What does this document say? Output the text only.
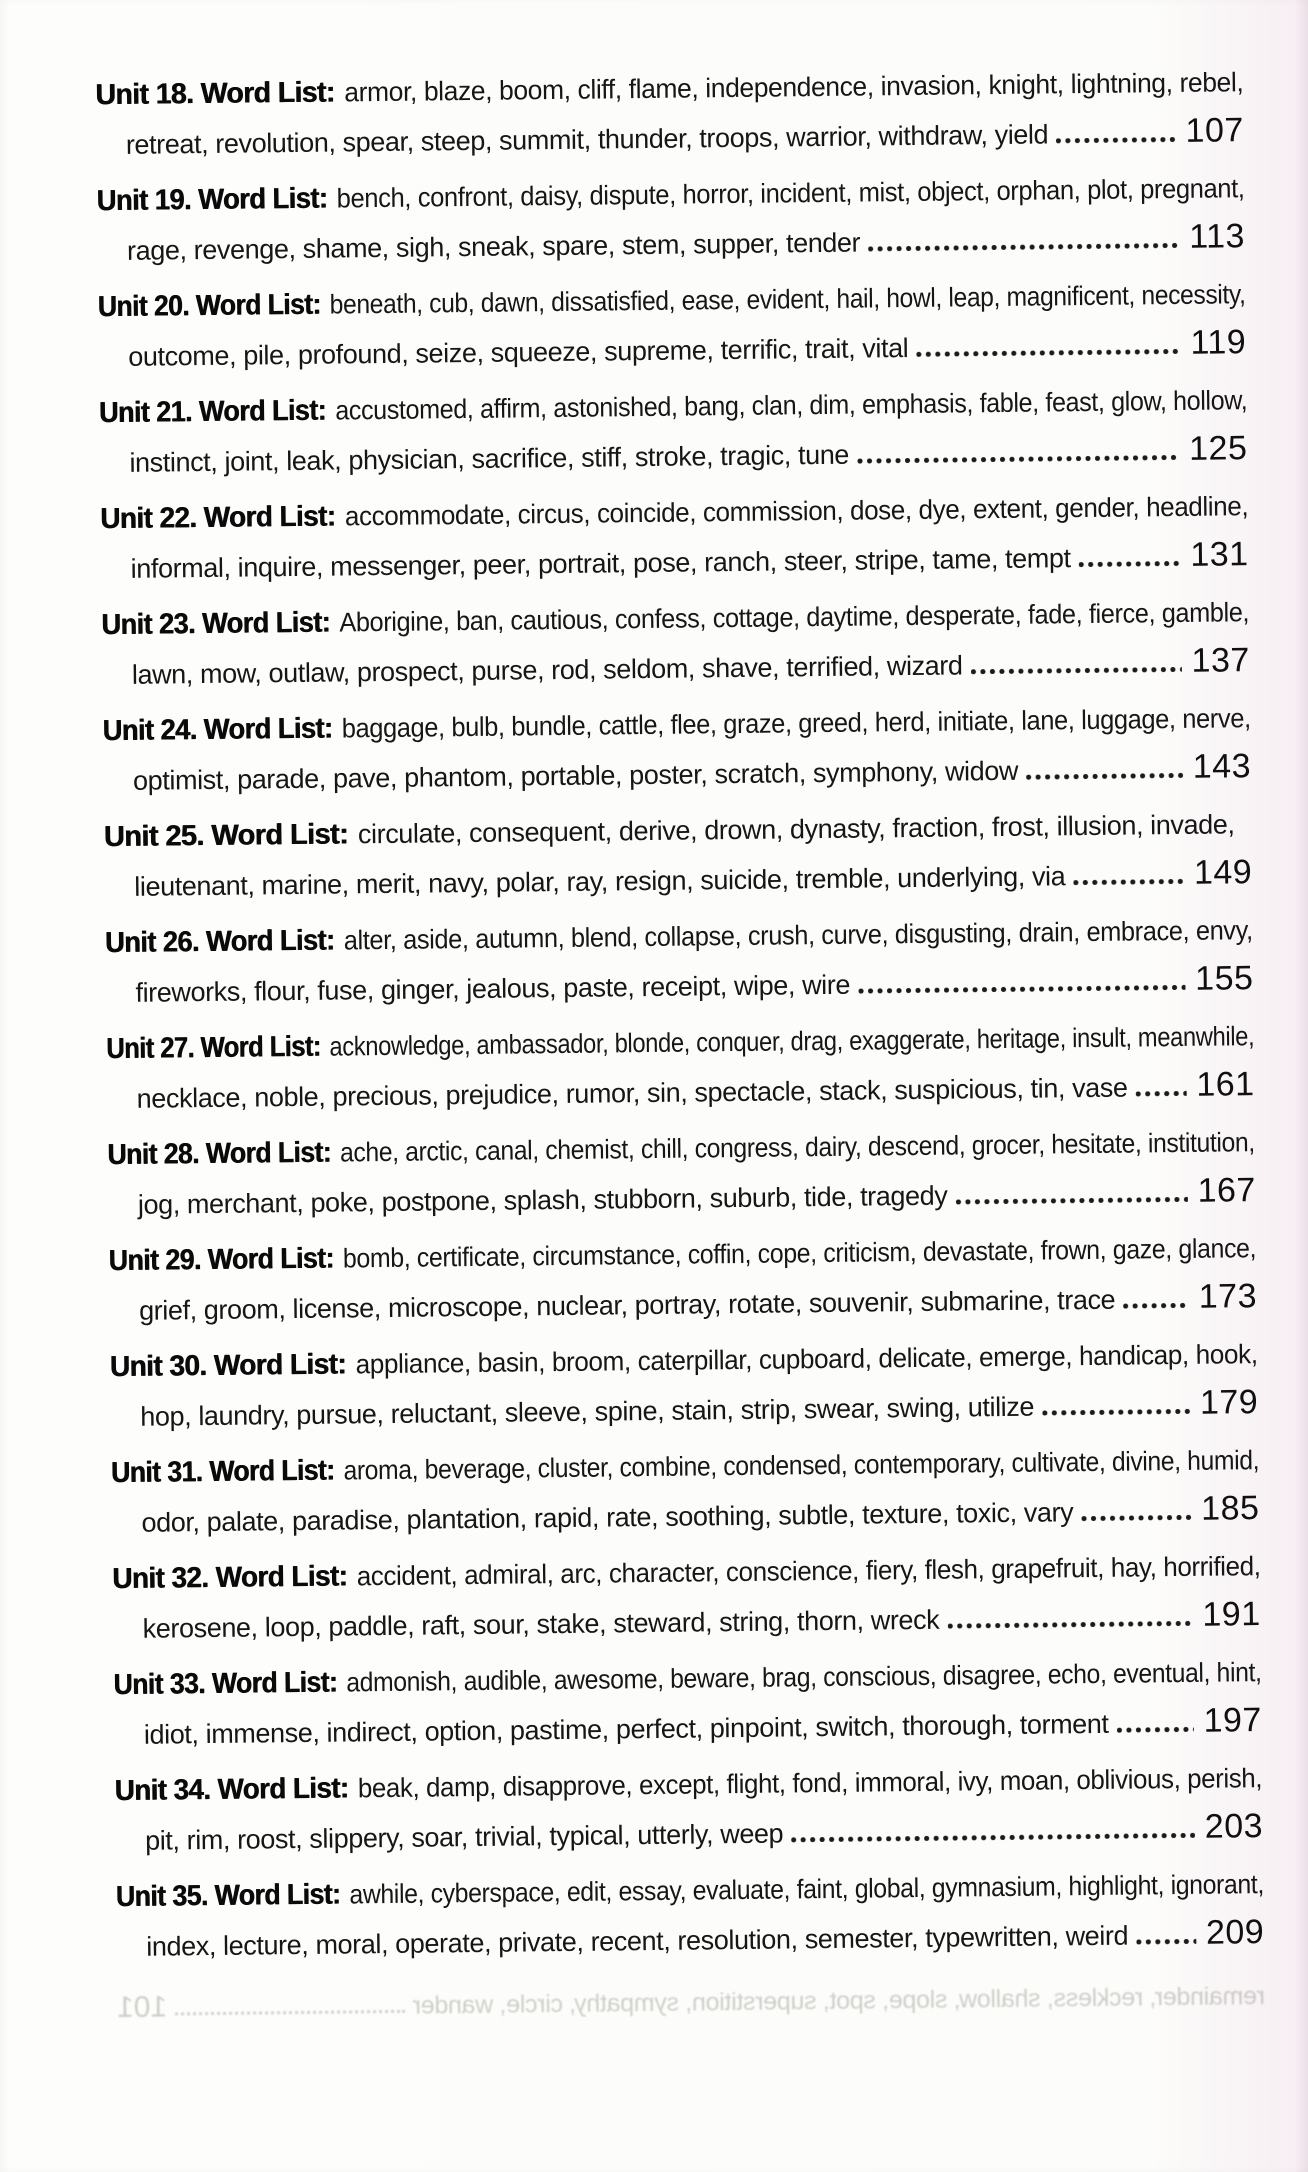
Unit 18. Word List: armor, blaze, boom, cliff, flame, independence, invasion, knight, lightning, rebel,
retreat, revolution, spear, steep, summit, thunder, troops, warrior, withdraw, yield	107
Unit 19. Word List: bench, confront, daisy, dispute, horror, incident, mist, object, orphan, plot, pregnant,
rage, revenge, shame, sigh, sneak, spare, stem, supper, tender	113
Unit 20. Word List: beneath, cub, dawn, dissatisfied, ease, evident, hail, howl, leap, magnificent, necessity,
outcome, pile, profound, seize, squeeze, supreme, terrific, trait, vital	119
Unit 21. Word List: accustomed, affirm, astonished, bang, clan, dim, emphasis, fable, feast, glow, hollow,
instinct, joint, leak, physician, sacrifice, stiff, stroke, tragic, tune	125
Unit 22. Word List: accommodate, circus, coincide, commission, dose, dye, extent, gender, headline,
informal, inquire, messenger, peer, portrait, pose, ranch, steer, stripe, tame, tempt	131
Unit 23. Word List: Aborigine, ban, cautious, confess, cottage, daytime, desperate, fade, fierce, gamble,
lawn, mow, outlaw, prospect, purse, rod, seldom, shave, terrified, wizard	137
Unit 24. Word List: baggage, bulb, bundle, cattle, flee, graze, greed, herd, initiate, lane, luggage, nerve,
optimist, parade, pave, phantom, portable, poster, scratch, symphony, widow	143
Unit 25. Word List: circulate, consequent, derive, drown, dynasty, fraction, frost, illusion, invade,
lieutenant, marine, merit, navy, polar, ray, resign, suicide, tremble, underlying, via	149
Unit 26. Word List: alter, aside, autumn, blend, collapse, crush, curve, disgusting, drain, embrace, envy,
fireworks, flour, fuse, ginger, jealous, paste, receipt, wipe, wire	155
Unit 27. Word List: acknowledge, ambassador, blonde, conquer, drag, exaggerate, heritage, insult, meanwhile,
necklace, noble, precious, prejudice, rumor, sin, spectacle, stack, suspicious, tin, vase 161
Unit 28. Word List: ache, arctic, canal, chemist, chill, congress, dairy, descend, grocer, hesitate, institution,
jog, merchant, poke, postpone, splash, stubborn, suburb, tide, tragedy	167
Unit 29. Word List: bomb, certificate, circumstance, coffin, cope, criticism, devastate, frown, gaze, glance,
grief, groom, license, microscope, nuclear, portray, rotate, souvenir, submarine, trace 173
Unit 30. Word List: appliance, basin, broom, caterpillar, cupboard, delicate, emerge, handicap, hook,
hop, laundry, pursue, reluctant, sleeve, spine, stain, strip, swear, swing, utilize	179
Unit 31. Word List: aroma, beverage, cluster, combine, condensed, contemporary, cultivate, divine, humid,
odor, palate, paradise, plantation, rapid, rate, soothing, subtle, texture, toxic, vary	185
Unit 32. Word List: accident, admiral, arc, character, conscience, fiery, flesh, grapefruit, hay, horrified,
kerosene, loop, paddle, raft, sour, stake, steward, string, thorn, wreck	191
Unit 33. Word List: admonish, audible, awesome, beware, brag, conscious, disagree, echo, eventual, hint,
idiot, immense, indirect, option, pastime, perfect, pinpoint, switch, thorough, torment	197
Unit 34. Word List: beak, damp, disapprove, except, flight, fond, immoral, ivy, moan, oblivious, perish,
pit, rim, roost, slippery, soar, trivial, typical, utterly, weep	203
Unit 35. Word List: awhile, cyberspace, edit, essay, evaluate, faint, global, gymnasium, highlight, ignorant,
index, lecture, moral, operate, private, recent, resolution, semester, typewritten, weird 209
remainder, reckless, shallow, slope, spot, superstition, sympathy, circle, wander
101
